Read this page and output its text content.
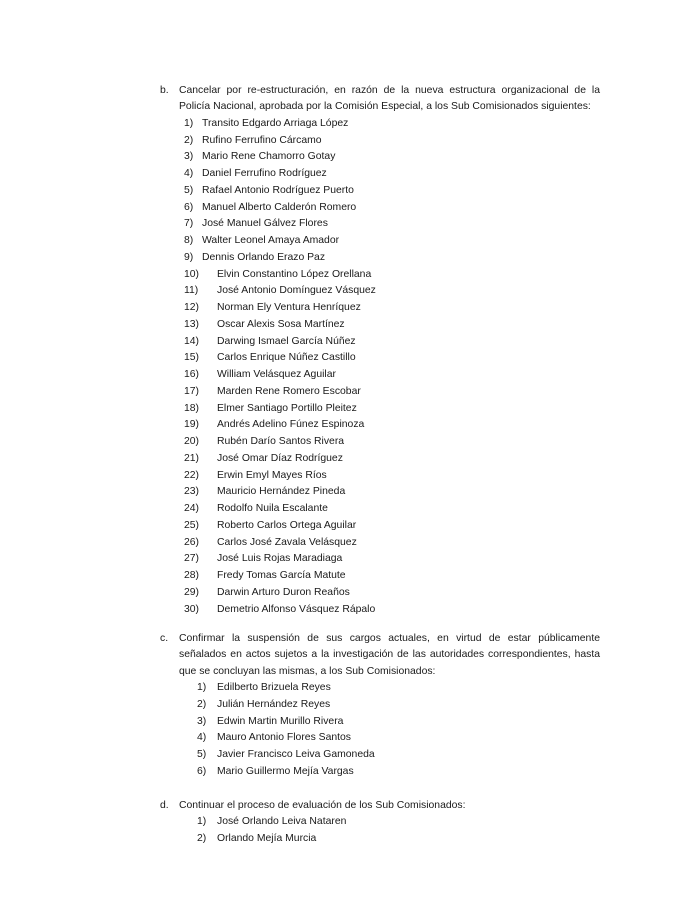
b. Cancelar por re-estructuración, en razón de la nueva estructura organizacional de la Policía Nacional, aprobada por la Comisión Especial, a los Sub Comisionados siguientes:
1) Transito Edgardo Arriaga López
2) Rufino Ferrufino Cárcamo
3) Mario Rene Chamorro Gotay
4) Daniel Ferrufino Rodríguez
5) Rafael Antonio Rodríguez Puerto
6) Manuel Alberto Calderón Romero
7) José Manuel Gálvez Flores
8) Walter Leonel Amaya Amador
9) Dennis Orlando Erazo Paz
10) Elvin Constantino López Orellana
11) José Antonio Domínguez Vásquez
12) Norman Ely Ventura Henríquez
13) Oscar Alexis Sosa Martínez
14) Darwing Ismael García Núñez
15) Carlos Enrique Núñez Castillo
16) William Velásquez Aguilar
17) Marden Rene Romero Escobar
18) Elmer Santiago Portillo Pleitez
19) Andrés Adelino Fúnez Espinoza
20) Rubén Darío Santos Rivera
21) José Omar Díaz Rodríguez
22) Erwin Emyl Mayes Ríos
23) Mauricio Hernández Pineda
24) Rodolfo Nuila Escalante
25) Roberto Carlos Ortega Aguilar
26) Carlos José Zavala Velásquez
27) José Luis Rojas Maradiaga
28) Fredy Tomas García Matute
29) Darwin Arturo Duron Reaños
30) Demetrio Alfonso Vásquez Rápalo
c. Confirmar la suspensión de sus cargos actuales, en virtud de estar públicamente señalados en actos sujetos a la investigación de las autoridades correspondientes, hasta que se concluyan las mismas, a los Sub Comisionados:
1) Edilberto Brizuela Reyes
2) Julián Hernández Reyes
3) Edwin Martin Murillo Rivera
4) Mauro Antonio Flores Santos
5) Javier Francisco Leiva Gamoneda
6) Mario Guillermo Mejía Vargas
d. Continuar el proceso de evaluación de los Sub Comisionados:
1) José Orlando Leiva Nataren
2) Orlando Mejía Murcia
